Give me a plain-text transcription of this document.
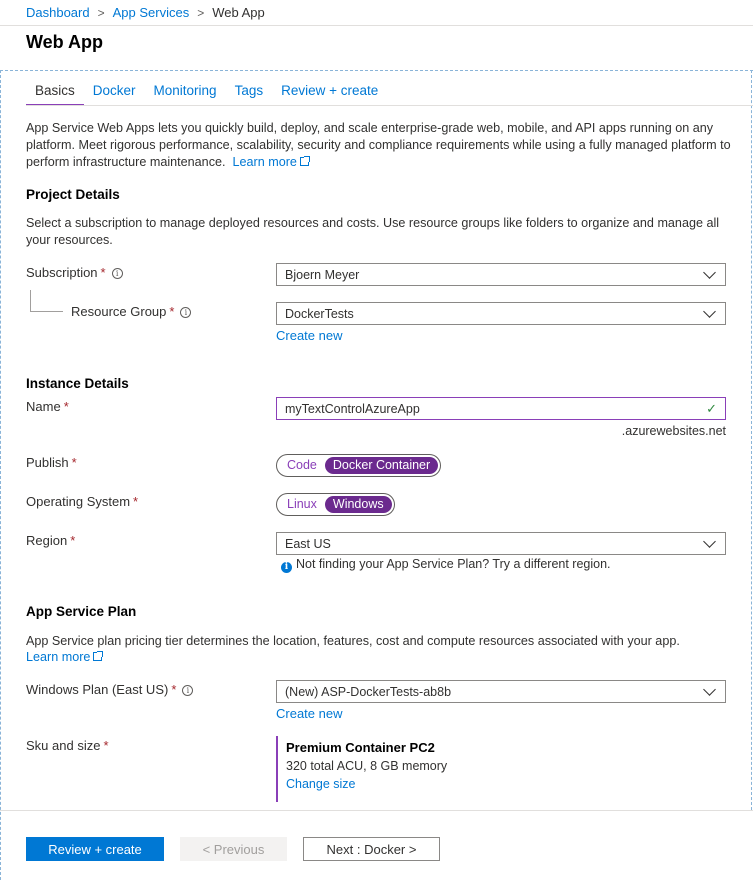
Dashboard > App Services > Web App
Web App
Basics	Docker	Monitoring	Tags	Review + create
App Service Web Apps lets you quickly build, deploy, and scale enterprise-grade web, mobile, and API apps running on any platform. Meet rigorous performance, scalability, security and compliance requirements while using a fully managed platform to perform infrastructure maintenance. Learn more
Project Details
Select a subscription to manage deployed resources and costs. Use resource groups like folders to organize and manage all your resources.
Subscription * i	Bjoern Meyer
Resource Group * i	DockerTests
Create new
Instance Details
Name *	myTextControlAzureApp	✓
.azurewebsites.net
Publish *	Code	Docker Container
Operating System *	Linux	Windows
Region *	East US
i Not finding your App Service Plan? Try a different region.
App Service Plan
App Service plan pricing tier determines the location, features, cost and compute resources associated with your app.
Learn more
Windows Plan (East US) * i	(New) ASP-DockerTests-ab8b
Create new
Sku and size *	Premium Container PC2
320 total ACU, 8 GB memory
Change size
Review + create	< Previous	Next : Docker >
